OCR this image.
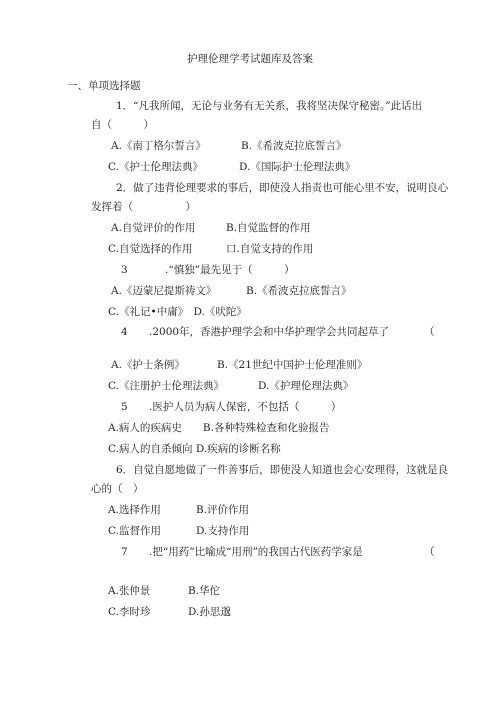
护理伦理学考试题库及答案
一、单项选择题
1．“凡我所闻，无论与业务有无关系，我将坚决保守秘密。”此话出
自（　　　）
A.《南丁格尔誓言》	B.《希波克拉底誓言》
C.《护士伦理法典》	D.《国际护士伦理法典》
2．做了违背伦理要求的事后，即使没人指责也可能心里不安，说明良心
发挥着（　　　　　）
A.自觉评价的作用	B.自觉监督的作用
C.自觉选择的作用	口.自觉支持的作用
3	.“慎独”最先见于（　　　）
A.《迈蒙尼提斯祷文》	B.《希波克拉底誓言》
C.《礼记•中庸》　D.《吠陀》
4 .2000年，香港护理学会和中华护理学会共同起草了	（
A.《护士条例》	B.《21世纪中国护士伦理准则》
C.《注册护士伦理法典》	D.《护理伦理法典》
5 .医护人员为病人保密，不包括（　　　）
A.病人的疾病史　　B.各种特殊检查和化验报告
C.病人的自杀倾向 D.疾病的诊断名称
6．自觉自愿地做了一件善事后，即使没人知道也会心安理得，这就是良
心的（　）
A.选择作用	B.评价作用
C.监督作用	D.支持作用
7 .把“用药”比喻成“用刑”的我国古代医药学家是	（
A.张仲景	B.华佗
C.李时珍	D.孙思邈
